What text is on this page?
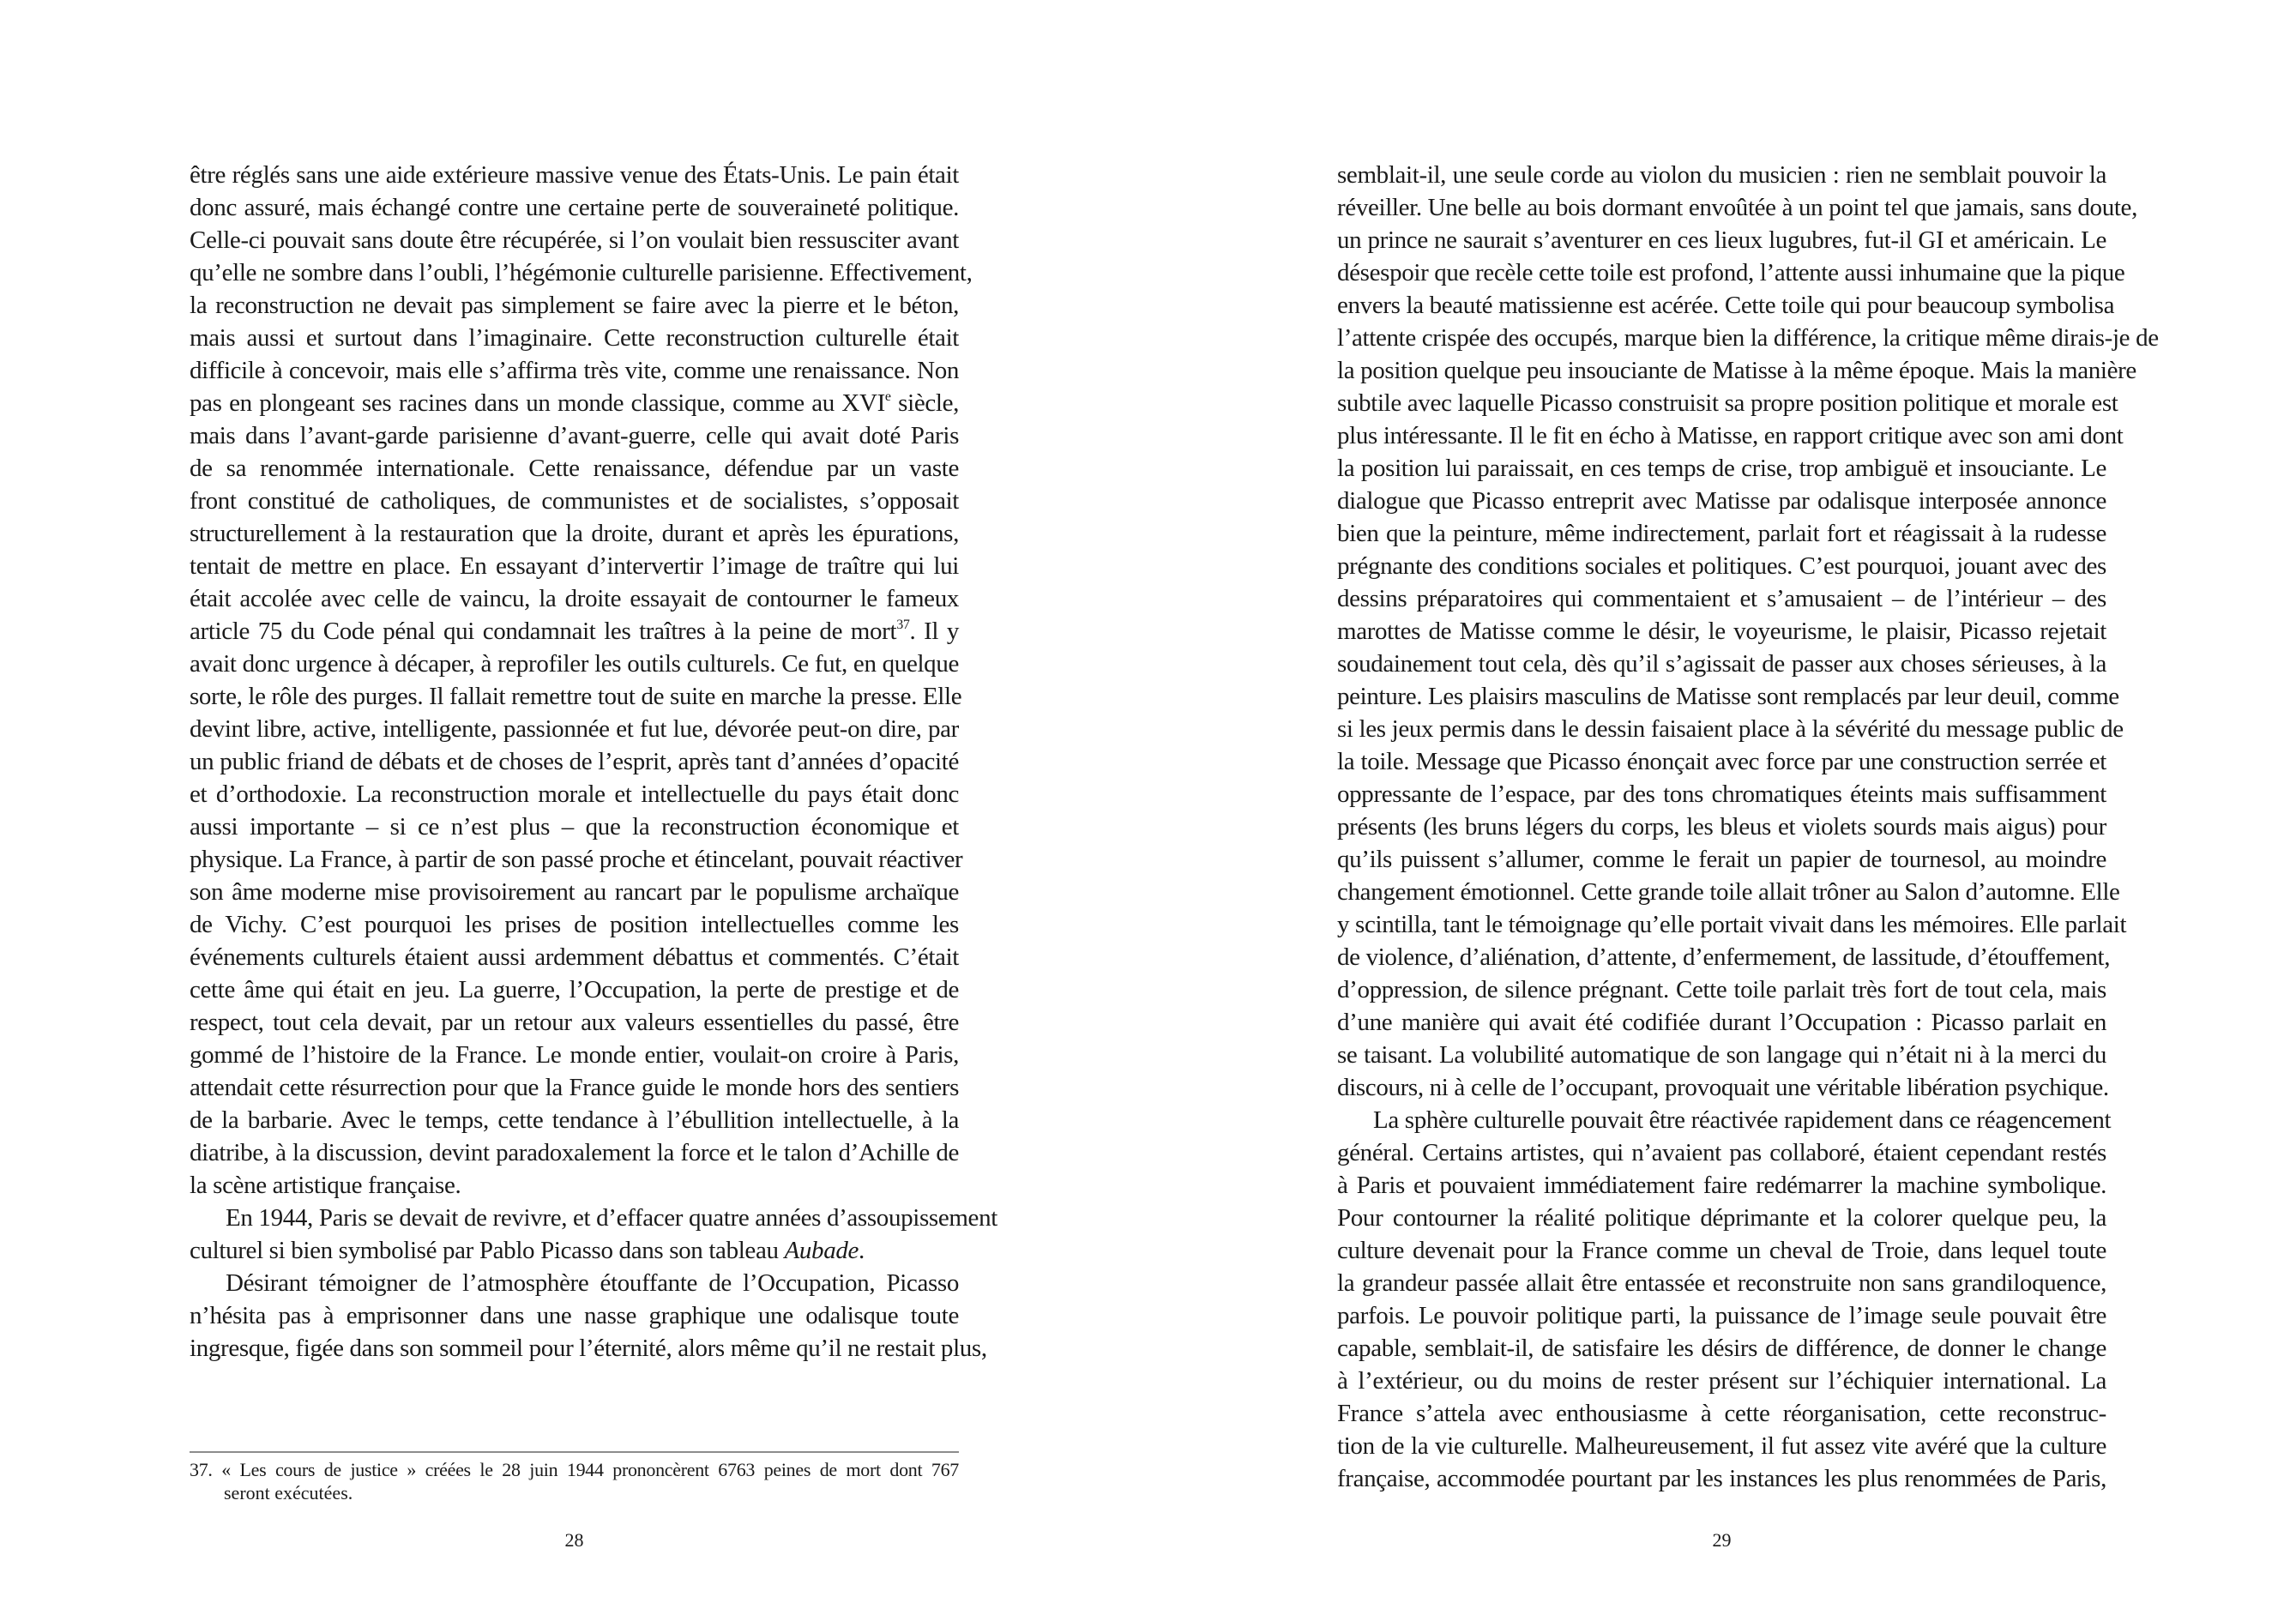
être réglés sans une aide extérieure massive venue des États-Unis. Le pain était
donc assuré, mais échangé contre une certaine perte de souveraineté politique.
Celle-ci pouvait sans doute être récupérée, si l’on voulait bien ressusciter avant
qu’elle ne sombre dans l’oubli, l’hégémonie culturelle parisienne. Effectivement,
la reconstruction ne devait pas simplement se faire avec la pierre et le béton,
mais aussi et surtout dans l’imaginaire. Cette reconstruction culturelle était
difficile à concevoir, mais elle s’affirma très vite, comme une renaissance. Non
pas en plongeant ses racines dans un monde classique, comme au XVIe siècle,
mais dans l’avant-garde parisienne d’avant-guerre, celle qui avait doté Paris
de sa renommée internationale. Cette renaissance, défendue par un vaste
front constitué de catholiques, de communistes et de socialistes, s’opposait
structurellement à la restauration que la droite, durant et après les épurations,
tentait de mettre en place. En essayant d’intervertir l’image de traître qui lui
était accolée avec celle de vaincu, la droite essayait de contourner le fameux
article 75 du Code pénal qui condamnait les traîtres à la peine de mort$^{37}$. Il y
avait donc urgence à décaper, à reprofiler les outils culturels. Ce fut, en quelque
sorte, le rôle des purges. Il fallait remettre tout de suite en marche la presse. Elle
devint libre, active, intelligente, passionnée et fut lue, dévorée peut-on dire, par
un public friand de débats et de choses de l’esprit, après tant d’années d’opacité
et d’orthodoxie. La reconstruction morale et intellectuelle du pays était donc
aussi importante – si ce n’est plus – que la reconstruction économique et
physique. La France, à partir de son passé proche et étincelant, pouvait réactiver
son âme moderne mise provisoirement au rancart par le populisme archaïque
de Vichy. C’est pourquoi les prises de position intellectuelles comme les
événements culturels étaient aussi ardemment débattus et commentés. C’était
cette âme qui était en jeu. La guerre, l’Occupation, la perte de prestige et de
respect, tout cela devait, par un retour aux valeurs essentielles du passé, être
gommé de l’histoire de la France. Le monde entier, voulait-on croire à Paris,
attendait cette résurrection pour que la France guide le monde hors des sentiers
de la barbarie. Avec le temps, cette tendance à l’ébullition intellectuelle, à la
diatribe, à la discussion, devint paradoxalement la force et le talon d’Achille de
la scène artistique française.
En 1944, Paris se devait de revivre, et d’effacer quatre années d’assoupissement
culturel si bien symbolisé par Pablo Picasso dans son tableau Aubade.
Désirant témoigner de l’atmosphère étouffante de l’Occupation, Picasso
n’hésita pas à emprisonner dans une nasse graphique une odalisque toute
ingresque, figée dans son sommeil pour l’éternité, alors même qu’il ne restait plus,
37. « Les cours de justice » créées le 28 juin 1944 prononcèrent 6763 peines de mort dont 767
seront exécutées.
28
semblait-il, une seule corde au violon du musicien : rien ne semblait pouvoir la
réveiller. Une belle au bois dormant envoûtée à un point tel que jamais, sans doute,
un prince ne saurait s’aventurer en ces lieux lugubres, fut-il GI et américain. Le
désespoir que recèle cette toile est profond, l’attente aussi inhumaine que la pique
envers la beauté matissienne est acérée. Cette toile qui pour beaucoup symbolisa
l’attente crispée des occupés, marque bien la différence, la critique même dirais-je de
la position quelque peu insouciante de Matisse à la même époque. Mais la manière
subtile avec laquelle Picasso construisit sa propre position politique et morale est
plus intéressante. Il le fit en écho à Matisse, en rapport critique avec son ami dont
la position lui paraissait, en ces temps de crise, trop ambiguë et insouciante. Le
dialogue que Picasso entreprit avec Matisse par odalisque interposée annonce
bien que la peinture, même indirectement, parlait fort et réagissait à la rudesse
prégnante des conditions sociales et politiques. C’est pourquoi, jouant avec des
dessins préparatoires qui commentaient et s’amusaient – de l’intérieur – des
marottes de Matisse comme le désir, le voyeurisme, le plaisir, Picasso rejetait
soudainement tout cela, dès qu’il s’agissait de passer aux choses sérieuses, à la
peinture. Les plaisirs masculins de Matisse sont remplacés par leur deuil, comme
si les jeux permis dans le dessin faisaient place à la sévérité du message public de
la toile. Message que Picasso énonçait avec force par une construction serrée et
oppressante de l’espace, par des tons chromatiques éteints mais suffisamment
présents (les bruns légers du corps, les bleus et violets sourds mais aigus) pour
qu’ils puissent s’allumer, comme le ferait un papier de tournesol, au moindre
changement émotionnel. Cette grande toile allait trôner au Salon d’automne. Elle
y scintilla, tant le témoignage qu’elle portait vivait dans les mémoires. Elle parlait
de violence, d’aliénation, d’attente, d’enfermement, de lassitude, d’étouffement,
d’oppression, de silence prégnant. Cette toile parlait très fort de tout cela, mais
d’une manière qui avait été codifiée durant l’Occupation : Picasso parlait en
se taisant. La volubilité automatique de son langage qui n’était ni à la merci du
discours, ni à celle de l’occupant, provoquait une véritable libération psychique.
La sphère culturelle pouvait être réactivée rapidement dans ce réagencement
général. Certains artistes, qui n’avaient pas collaboré, étaient cependant restés
à Paris et pouvaient immédiatement faire redémarrer la machine symbolique.
Pour contourner la réalité politique déprimante et la colorer quelque peu, la
culture devenait pour la France comme un cheval de Troie, dans lequel toute
la grandeur passée allait être entassée et reconstruite non sans grandiloquence,
parfois. Le pouvoir politique parti, la puissance de l’image seule pouvait être
capable, semblait-il, de satisfaire les désirs de différence, de donner le change
à l’extérieur, ou du moins de rester présent sur l’échiquier international. La
France s’attela avec enthousiasme à cette réorganisation, cette reconstruc-
tion de la vie culturelle. Malheureusement, il fut assez vite avéré que la culture
française, accommodée pourtant par les instances les plus renommées de Paris,
29
